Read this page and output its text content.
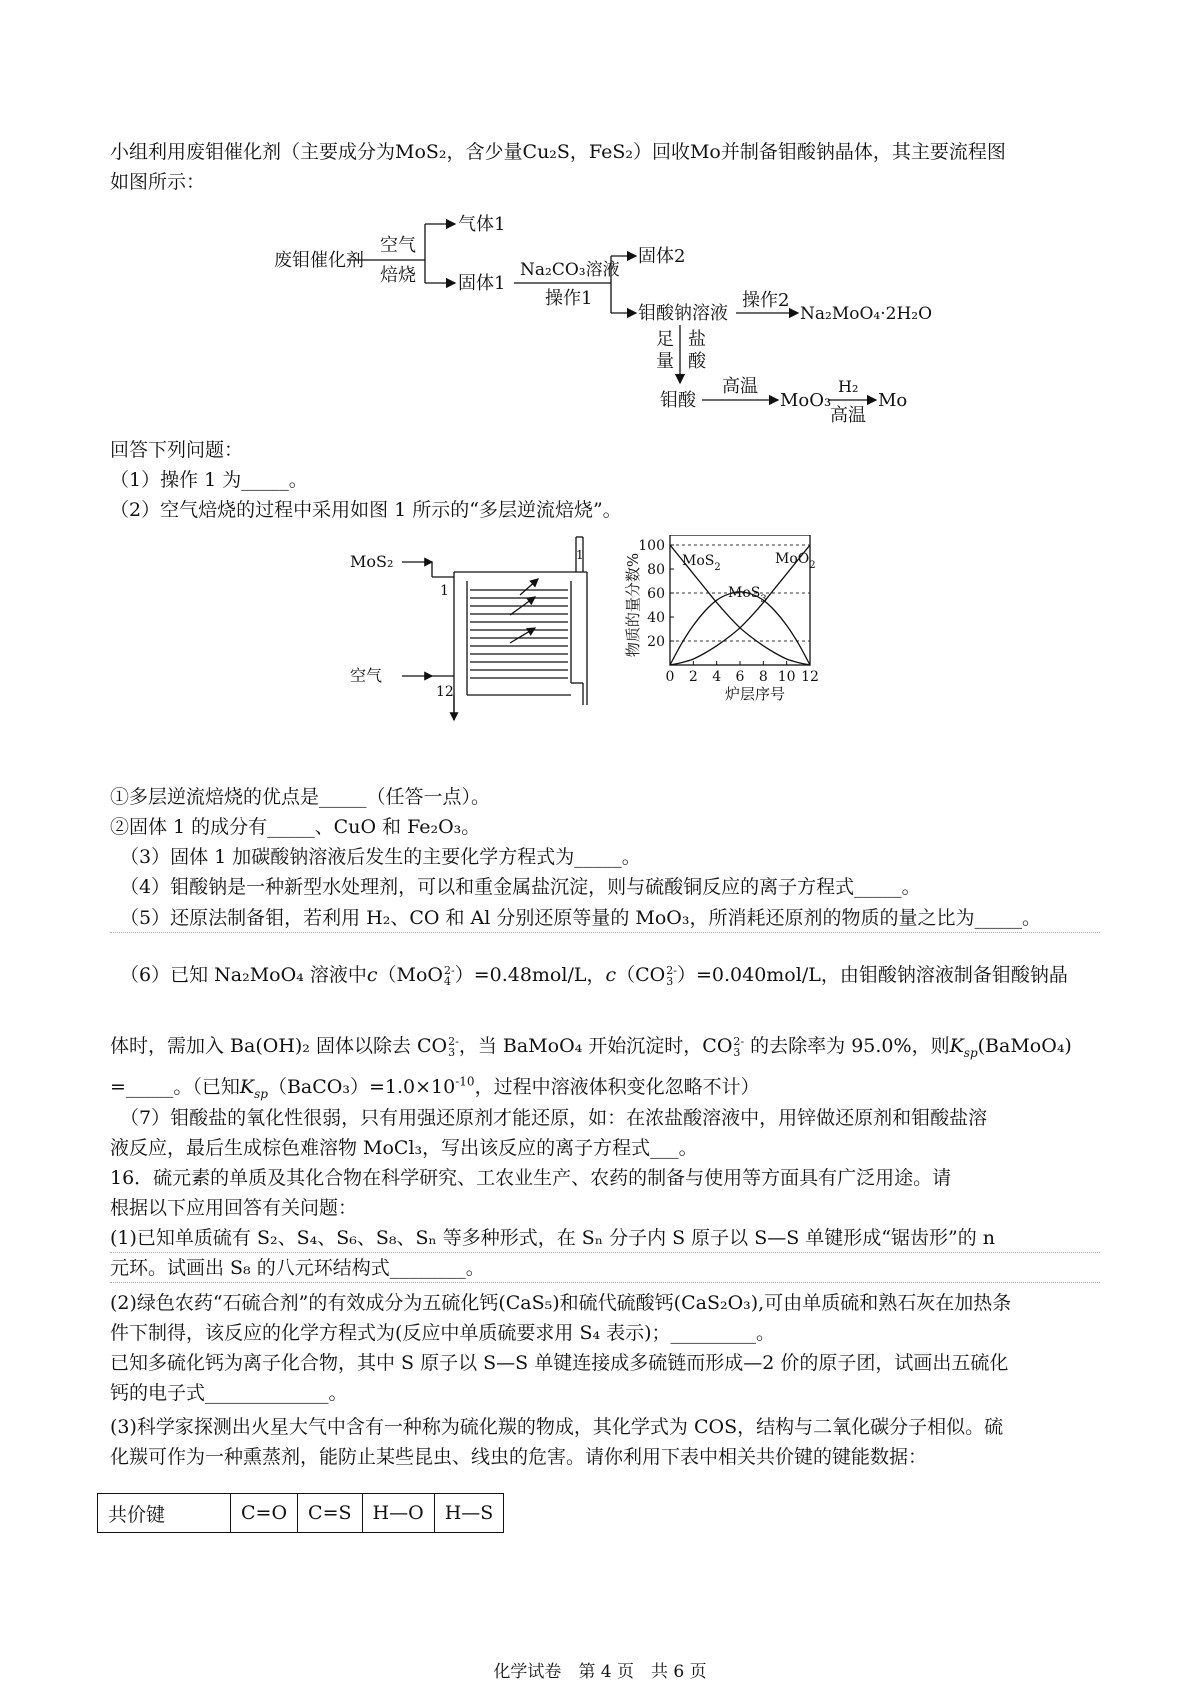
小组利用废钼催化剂（主要成分为MoS₂，含少量Cu₂S，FeS₂）回收Mo并制备钼酸钠晶体，其主要流程图
如图所示：
废钼催化剂
空气
焙烧
气体1
固体1
Na₂CO₃溶液
操作1
固体2
钼酸钠溶液
操作2
Na₂MoO₄·2H₂O
足量
盐酸
钼酸
高温
MoO₃
H₂
高温
Mo
回答下列问题：
（1）操作 1 为_____。
（2）空气焙烧的过程中采用如图 1 所示的“多层逆流焙烧”。
MoS₂
1
空气
12
1
0 2 4 6 8 10 12
20
40
60
80
100
炉层序号
物质的量分数%	MoS$_2$
MoO$_2$
MoS$_3$
①多层逆流焙烧的优点是_____（任答一点）。
②固体 1 的成分有_____、CuO 和 Fe₂O₃。
（3）固体 1 加碳酸钠溶液后发生的主要化学方程式为_____。
（4）钼酸钠是一种新型水处理剂，可以和重金属盐沉淀，则与硫酸铜反应的离子方程式_____。
（5）还原法制备钼，若利用 H₂、CO 和 Al 分别还原等量的 MoO₃，所消耗还原剂的物质的量之比为_____。
（6）已知 Na₂MoO₄ 溶液中c（MoO 2-
4 ）=0.48mol/L，c（CO 2-
3 ）=0.040mol/L，由钼酸钠溶液制备钼酸钠晶
体时，需加入 Ba(OH)₂ 固体以除去 CO 2-
3 ，当 BaMoO₄ 开始沉淀时，CO 2-
3 的去除率为 95.0%，则$K_{sp}(BaMoO_4)$
=_____。（已知$K_{sp}(BaCO_3)=1.0\times 10^{-10}$，过程中溶液体积变化忽略不计）
（7）钼酸盐的氧化性很弱，只有用强还原剂才能还原，如：在浓盐酸溶液中，用锌做还原剂和钼酸盐溶
液反应，最后生成棕色难溶物 MoCl₃，写出该反应的离子方程式___。
16．硫元素的单质及其化合物在科学研究、工农业生产、农药的制备与使用等方面具有广泛用途。请
根据以下应用回答有关问题：
(1)已知单质硫有 S₂、S₄、S₆、S₈、Sₙ 等多种形式，在 Sₙ 分子内 S 原子以 S—S 单键形成“锯齿形”的 n
元环。试画出 S₈ 的八元环结构式________。
(2)绿色农药“石硫合剂”的有效成分为五硫化钙(CaS₅)和硫代硫酸钙(CaS₂O₃),可由单质硫和熟石灰在加热条
件下制得，该反应的化学方程式为(反应中单质硫要求用 S₄ 表示)；_________。
已知多硫化钙为离子化合物，其中 S 原子以 S—S 单键连接成多硫链而形成—2 价的原子团，试画出五硫化
钙的电子式_____________。
(3)科学家探测出火星大气中含有一种称为硫化羰的物成，其化学式为 COS，结构与二氧化碳分子相似。硫
化羰可作为一种熏蒸剂，能防止某些昆虫、线虫的危害。请你利用下表中相关共价键的键能数据：
共价键	C=O	C=S	H—O	H—S
化学试卷　第 4 页　共 6 页
